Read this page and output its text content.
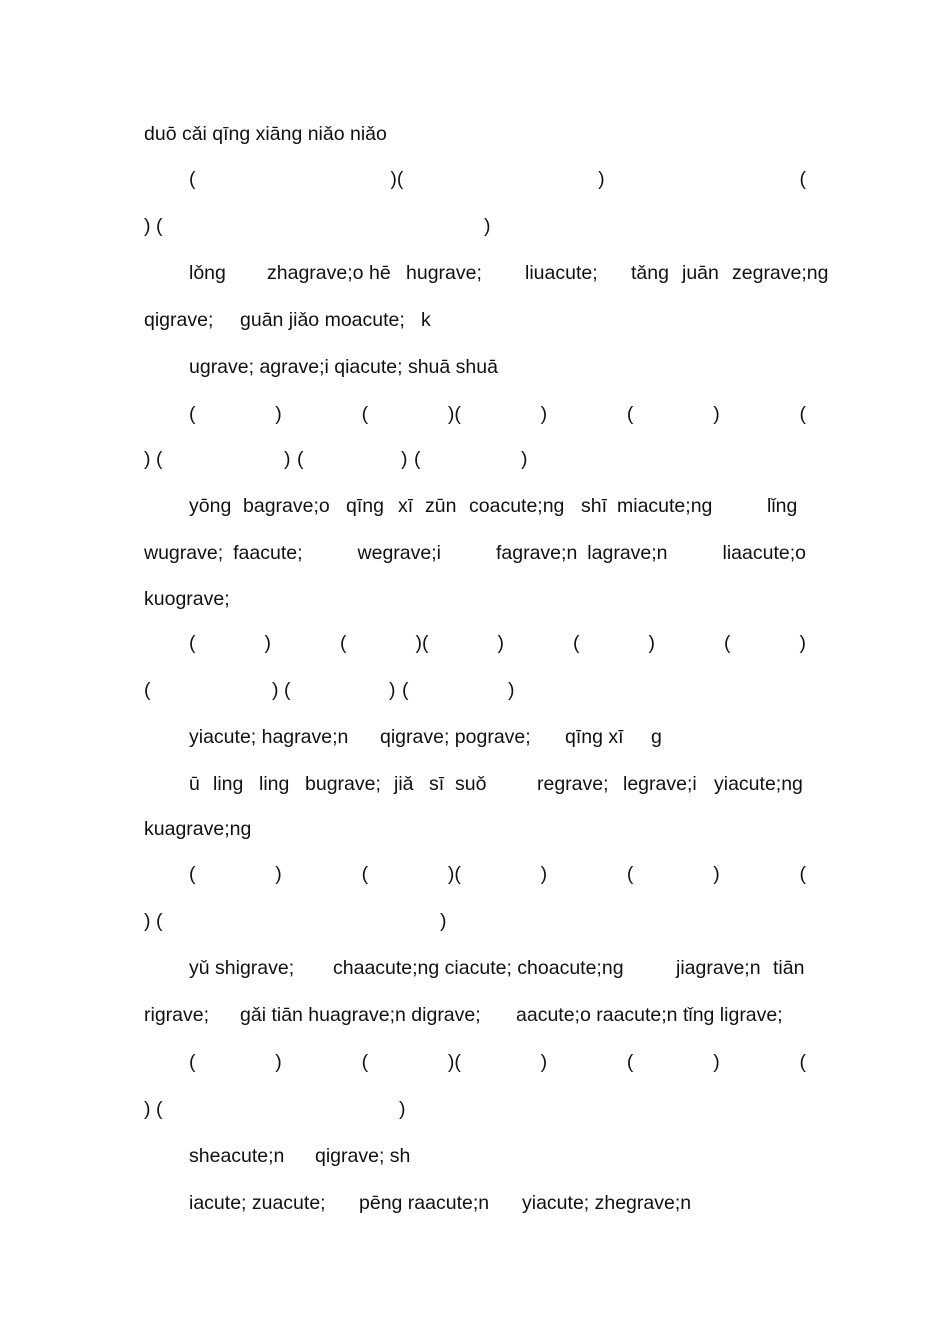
duō cǎi qīng xiāng niǎo niǎo
(	)(	)	(
) (	)
lǒng zhagrave;o hē hugrave; liuacute; tǎng juān zegrave;ng
qigrave; guān jiǎo moacute; k
ugrave; agrave;i qiacute; shuā shuā
(	)	(	)(	)	(	)	(
) (	) (	) (	)
yōng bagrave;o qīng xī zūn coacute;ng shī miacute;ng	lǐng
wugrave; faacute;	wegrave;i	fagrave;n lagrave;n	liaacute;o
kuograve;
(	)	(	)(	)	(	)	(	)
(	) (	) (	)
yiacute; hagrave;n qigrave; pograve; qīng xī g
ū ling ling bugrave; jiǎ sī suǒ	regrave; legrave;i yiacute;ng
kuagrave;ng
(	)	(	)(	)	(	)	(
) (	)
yǔ shigrave; chaacute;ng ciacute; choacute;ng	jiagrave;n tiān
rigrave; gǎi tiān huagrave;n digrave; aacute;o raacute;n tǐng ligrave;
(	)	(	)(	)	(	)	(
) (	)
sheacute;n qigrave; sh
iacute; zuacute; pēng raacute;n yiacute; zhegrave;n
